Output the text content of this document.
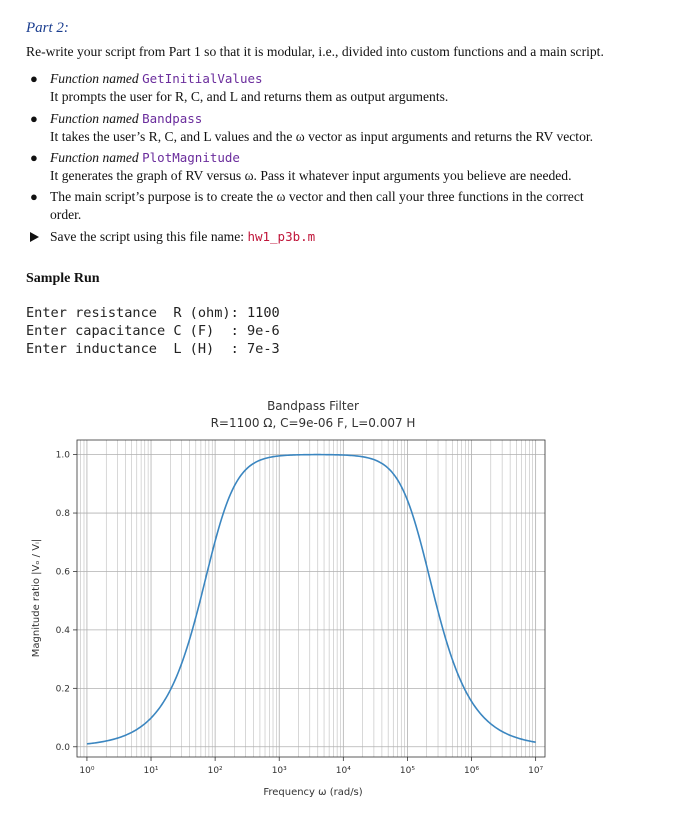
Part 2:
Re-write your script from Part 1 so that it is modular, i.e., divided into custom functions and a main script.
● Function named GetInitialValues
It prompts the user for R, C, and L and returns them as output arguments.
● Function named Bandpass
It takes the user’s R, C, and L values and the ω vector as input arguments and returns the RV vector.
● Function named PlotMagnitude
It generates the graph of RV versus ω. Pass it whatever input arguments you believe are needed.
● The main script’s purpose is to create the ω vector and then call your three functions in the correct
order.
Save the script using this file name: hw1_p3b.m
Sample Run
Enter resistance  R (ohm): 1100
Enter capacitance C (F)  : 9e-6
Enter inductance  L (H)  : 7e-3
Bandpass Filter
R=1100 Ω, C=9e-06 F, L=0.007 H
10⁰	10¹	10²	10³	10⁴	10⁵	10⁶	10⁷
0.0
0.2
0.4
0.6
0.8
1.0
Frequency ω (rad/s)
Magnitude ratio |Vₒ / Vᵢ|
